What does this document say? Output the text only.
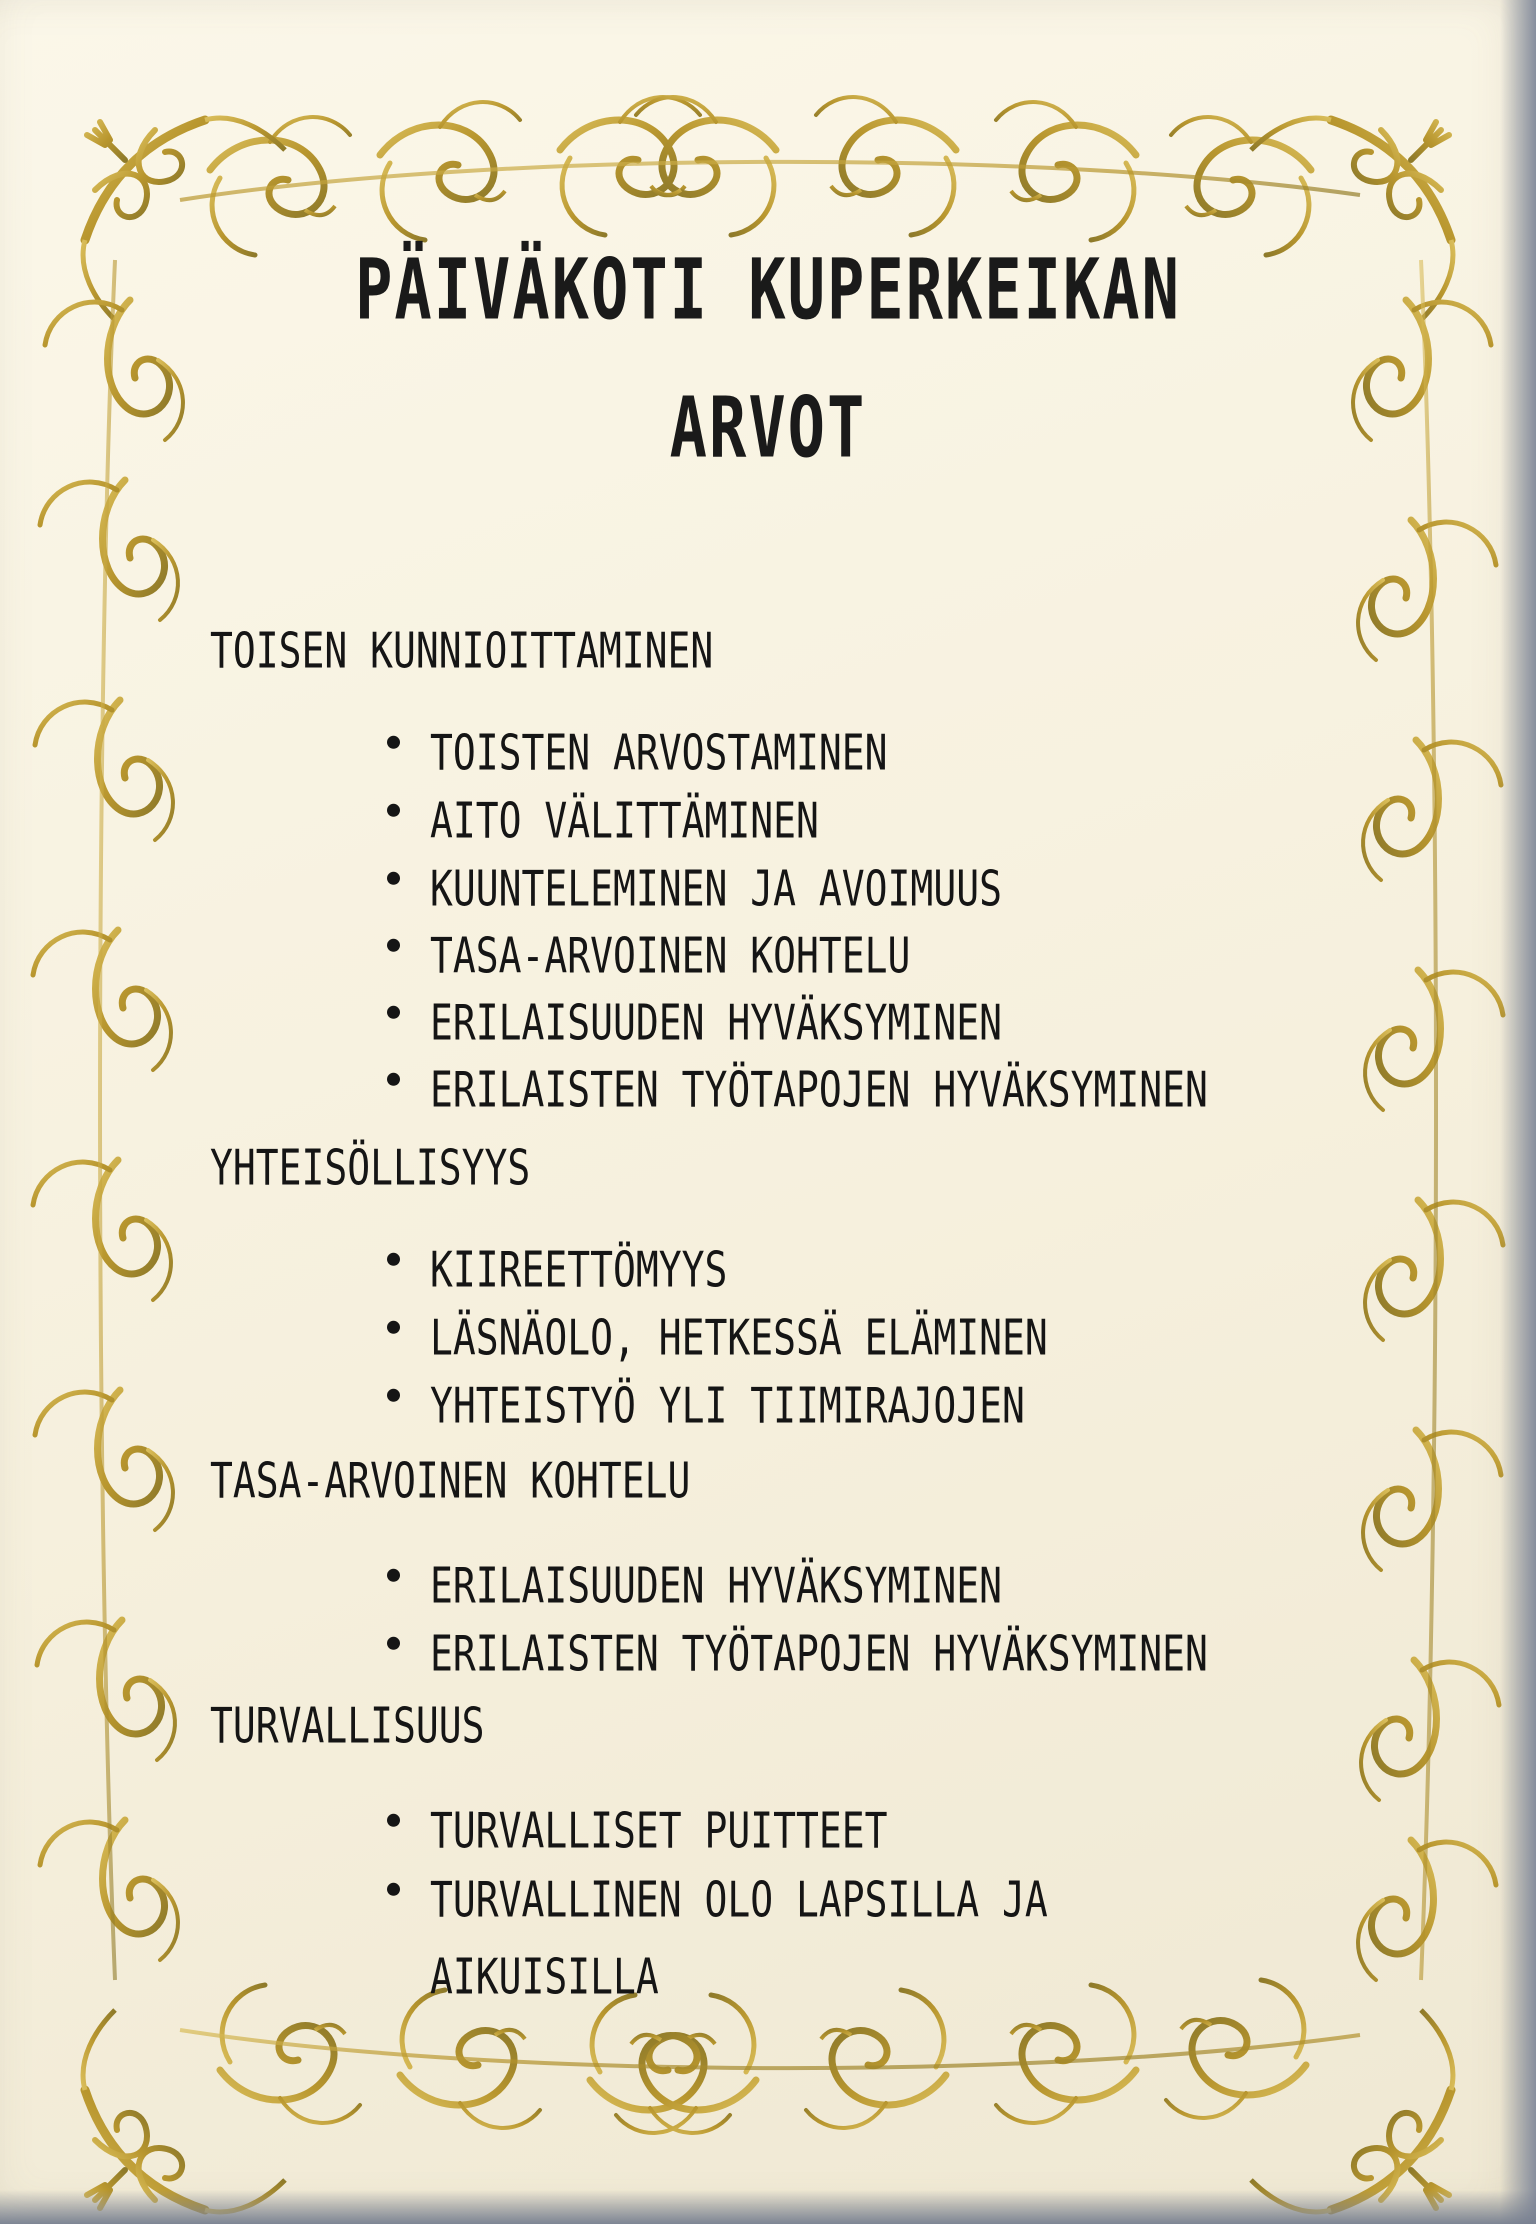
PÄIVÄKOTI KUPERKEIKAN
ARVOT
TOISEN KUNNIOITTAMINEN
TOISTEN ARVOSTAMINEN
AITO VÄLITTÄMINEN
KUUNTELEMINEN JA AVOIMUUS
TASA-ARVOINEN KOHTELU
ERILAISUUDEN HYVÄKSYMINEN
ERILAISTEN TYÖTAPOJEN HYVÄKSYMINEN
YHTEISÖLLISYYS
KIIREETTÖMYYS
LÄSNÄOLO, HETKESSÄ ELÄMINEN
YHTEISTYÖ YLI TIIMIRAJOJEN
TASA-ARVOINEN KOHTELU
ERILAISUUDEN HYVÄKSYMINEN
ERILAISTEN TYÖTAPOJEN HYVÄKSYMINEN
TURVALLISUUS
TURVALLISET PUITTEET
TURVALLINEN OLO LAPSILLA JA AIKUISILLA
